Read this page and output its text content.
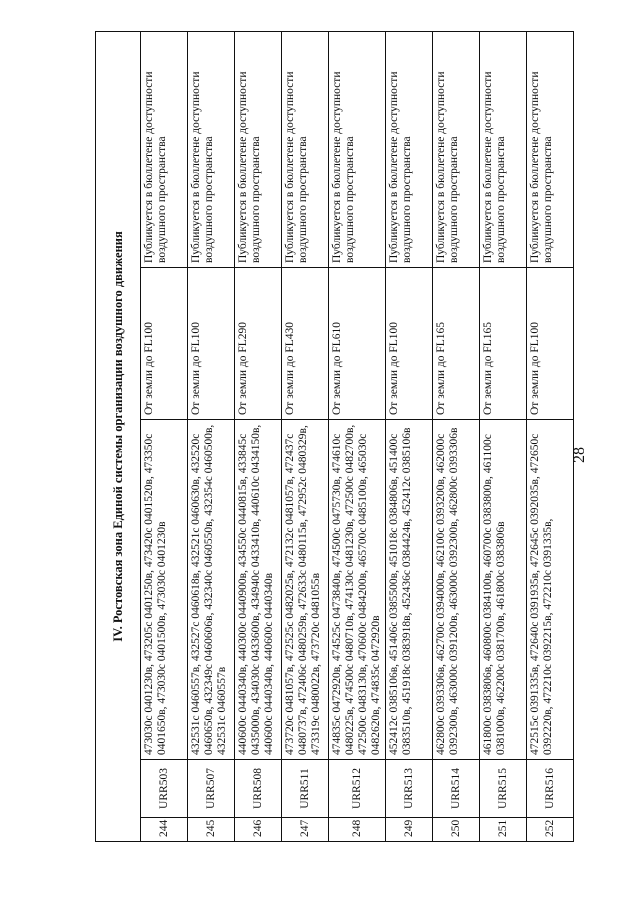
28
IV. Ростовская зона Единой системы организации воздушного движения				
244	URR503	473030с 0401230в, 473205с 0401250в, 473420с 0401520в, 473350с 0401650в, 473030с 0401500в, 473030с 0401230в	От земли до FL100	Публикуется в бюллетене доступности воздушного пространства
245	URR507	432531с 0460557в, 432527с 0460618в, 432521с 0460630в, 432520с 0460650в, 432349с 0460606в, 432340с 0460550в, 432354с 0460500в, 432531с 0460557в	От земли до FL100	Публикуется в бюллетене доступности воздушного пространства
246	URR508	440600с 0440340в, 440300с 0440900в, 434550с 0440815в, 433845с 0435000в, 434030с 0433600в, 434940с 0433410в, 440610с 0434150в, 440600с 0440340в, 440600с 0440340в	От земли до FL290	Публикуется в бюллетене доступности воздушного пространства
247	URR511	473720с 0481057в, 472525с 0482025в, 472132с 0481057в, 472437с 0480737в, 472406с 0480259в, 472633с 0480115в, 472952с 0480329в, 473319с 0480022в, 473720с 0481055в	От земли до FL430	Публикуется в бюллетене доступности воздушного пространства
248	URR512	474835с 0472920в, 474525с 0473840в, 474500с 0475730в, 474610с 0480225в, 474500с 0480710в, 474130с 0481230в, 472500с 0482700в, 472500с 0483130в, 470600с 0484200в, 465700с 0485100в, 465030с 0482620в, 474835с 0472920в	От земли до FL610	Публикуется в бюллетене доступности воздушного пространства
249	URR513	452412с 0385106в, 451406с 0385500в, 451018с 0384806в, 451400с 0383510в, 451918с 0383918в, 452436с 0384424в, 452412с 0385106в	От земли до FL100	Публикуется в бюллетене доступности воздушного пространства
250	URR514	462800с 0393306в, 462700с 0394000в, 462100с 0393200в, 462000с 0392300в, 463000с 0391200в, 463000с 0392300в, 462800с 0393306в	От земли до FL165	Публикуется в бюллетене доступности воздушного пространства
251	URR515	461800с 0383806в, 460800с 0384100в, 460700с 0383800в, 461100с 0381000в, 462200с 0381700в, 461800с 0383806в	От земли до FL165	Публикуется в бюллетене доступности воздушного пространства
252	URR516	472515с 0391335в, 472640с 0391935в, 472645с 0392035в, 472650с 0392220в, 472210с 0392215в, 472210с 0391335в,	От земли до FL100	Публикуется в бюллетене доступности воздушного пространства
